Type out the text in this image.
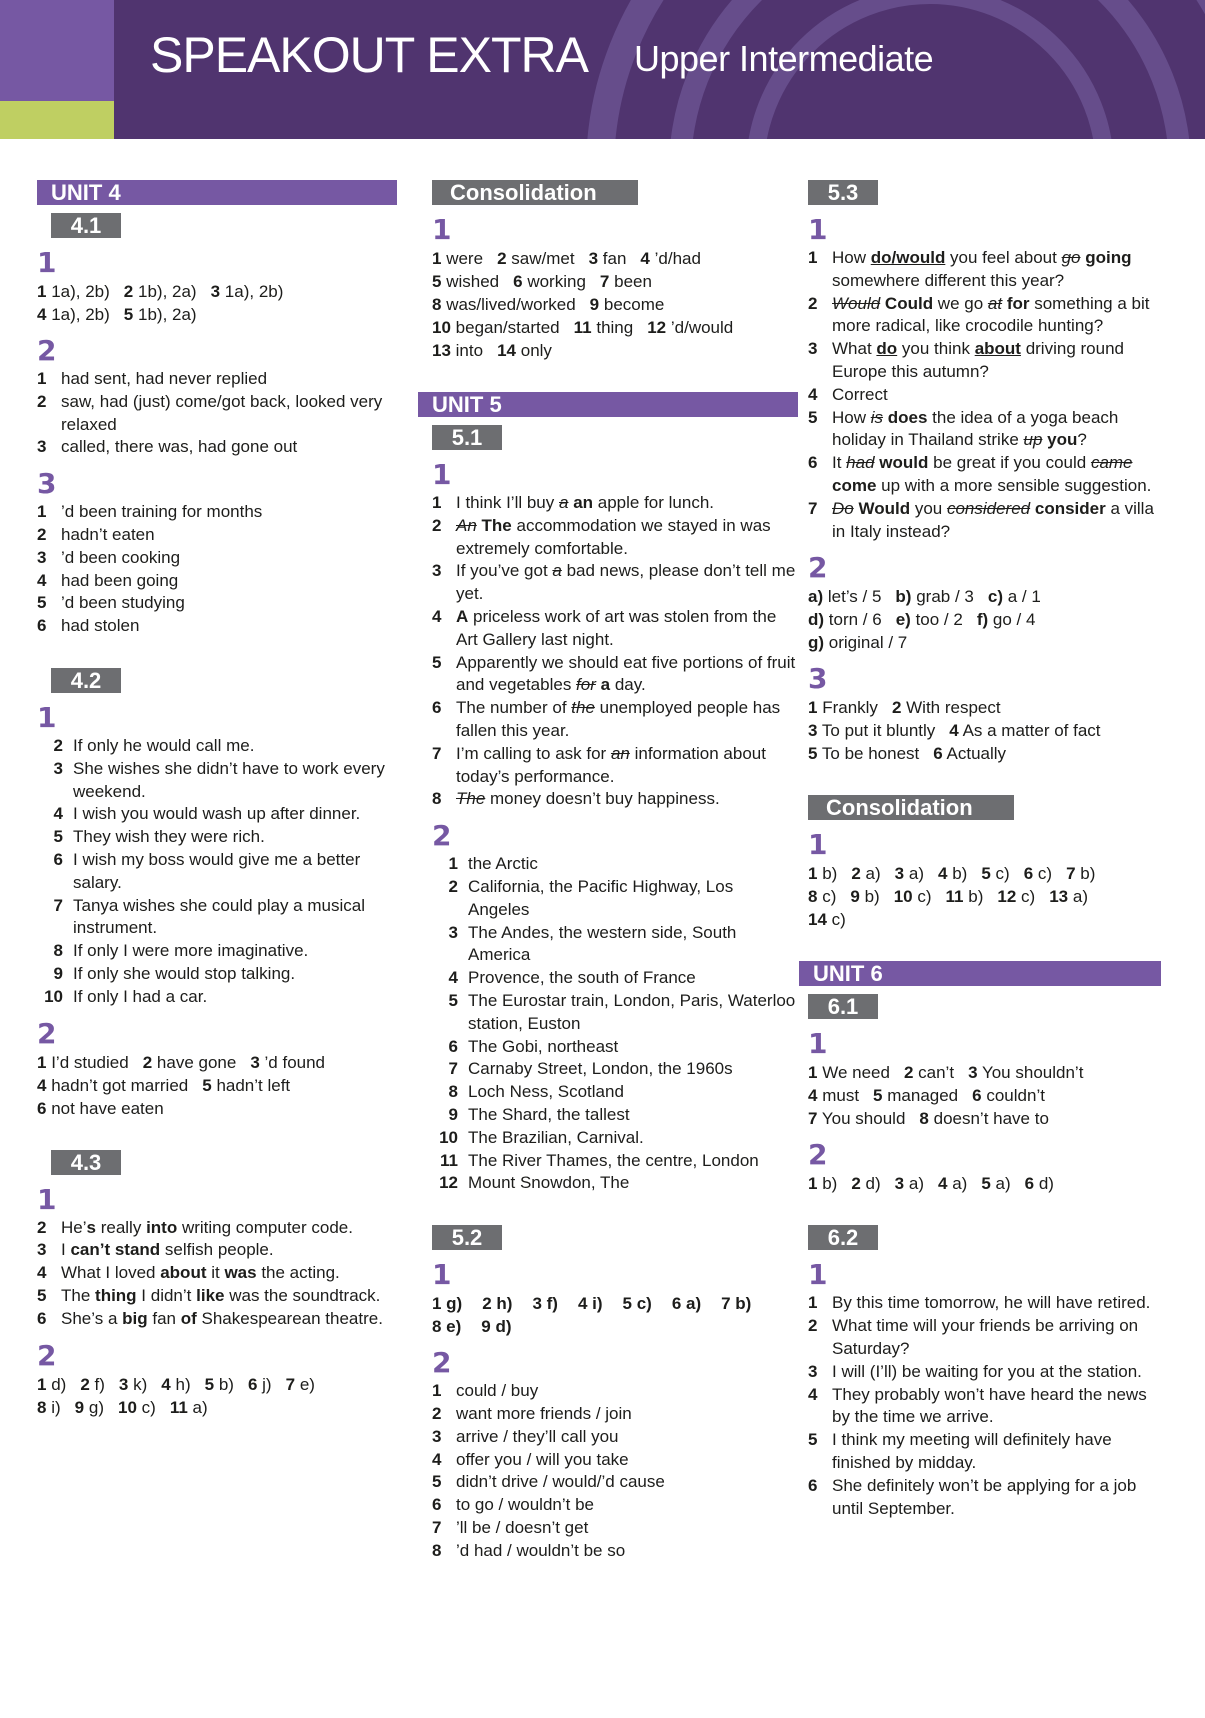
SPEAKOUT EXTRA Upper Intermediate
UNIT 4
4.1
1
1 1a), 2b) 2 1b), 2a) 3 1a), 2b)
4 1a), 2b) 5 1b), 2a)
2
1 had sent, had never replied
2 saw, had (just) come/got back, looked very relaxed
3 called, there was, had gone out
3
1 ’d been training for months
2 hadn’t eaten
3 ’d been cooking
4 had been going
5 ’d been studying
6 had stolen
4.2
1
2 If only he would call me.
3 She wishes she didn’t have to work every weekend.
4 I wish you would wash up after dinner.
5 They wish they were rich.
6 I wish my boss would give me a better salary.
7 Tanya wishes she could play a musical instrument.
8 If only I were more imaginative.
9 If only she would stop talking.
10 If only I had a car.
2
1 I’d studied 2 have gone 3 ’d found
4 hadn’t got married 5 hadn’t left
6 not have eaten
4.3
1
2 He’s really into writing computer code.
3 I can’t stand selfish people.
4 What I loved about it was the acting.
5 The thing I didn’t like was the soundtrack.
6 She’s a big fan of Shakespearean theatre.
2
1 d) 2 f) 3 k) 4 h) 5 b) 6 j) 7 e)
8 i) 9 g) 10 c) 11 a)
Consolidation
1
1 were 2 saw/met 3 fan 4 ’d/had
5 wished 6 working 7 been
8 was/lived/worked 9 become
10 began/started 11 thing 12 ’d/would
13 into 14 only
UNIT 5
5.1
1
1 I think I’ll buy a an apple for lunch.
2 An The accommodation we stayed in was extremely comfortable.
3 If you’ve got a bad news, please don’t tell me yet.
4 A priceless work of art was stolen from the Art Gallery last night.
5 Apparently we should eat five portions of fruit and vegetables for a day.
6 The number of the unemployed people has fallen this year.
7 I’m calling to ask for an information about today’s performance.
8 The money doesn’t buy happiness.
2
1 the Arctic
2 California, the Pacific Highway, Los Angeles
3 The Andes, the western side, South America
4 Provence, the south of France
5 The Eurostar train, London, Paris, Waterloo station, Euston
6 The Gobi, northeast
7 Carnaby Street, London, the 1960s
8 Loch Ness, Scotland
9 The Shard, the tallest
10 The Brazilian, Carnival.
11 The River Thames, the centre, London
12 Mount Snowdon, The
5.2
1
1 g) 2 h) 3 f) 4 i) 5 c) 6 a) 7 b)
8 e) 9 d)
2
1 could / buy
2 want more friends / join
3 arrive / they’ll call you
4 offer you / will you take
5 didn’t drive / would/’d cause
6 to go / wouldn’t be
7 ’ll be / doesn’t get
8 ’d had / wouldn’t be so
5.3
1
1 How do/would you feel about go going somewhere different this year?
2 Would Could we go at for something a bit more radical, like crocodile hunting?
3 What do you think about driving round Europe this autumn?
4 Correct
5 How is does the idea of a yoga beach holiday in Thailand strike up you?
6 It had would be great if you could came come up with a more sensible suggestion.
7 Do Would you considered consider a villa in Italy instead?
2
a) let’s / 5 b) grab / 3 c) a / 1
d) torn / 6 e) too / 2 f) go / 4
g) original / 7
3
1 Frankly 2 With respect
3 To put it bluntly 4 As a matter of fact
5 To be honest 6 Actually
Consolidation
1
1 b) 2 a) 3 a) 4 b) 5 c) 6 c) 7 b)
8 c) 9 b) 10 c) 11 b) 12 c) 13 a)
14 c)
UNIT 6
6.1
1
1 We need 2 can’t 3 You shouldn’t
4 must 5 managed 6 couldn’t
7 You should 8 doesn’t have to
2
1 b) 2 d) 3 a) 4 a) 5 a) 6 d)
6.2
1
1 By this time tomorrow, he will have retired.
2 What time will your friends be arriving on Saturday?
3 I will (I’ll) be waiting for you at the station.
4 They probably won’t have heard the news by the time we arrive.
5 I think my meeting will definitely have finished by midday.
6 She definitely won’t be applying for a job until September.
